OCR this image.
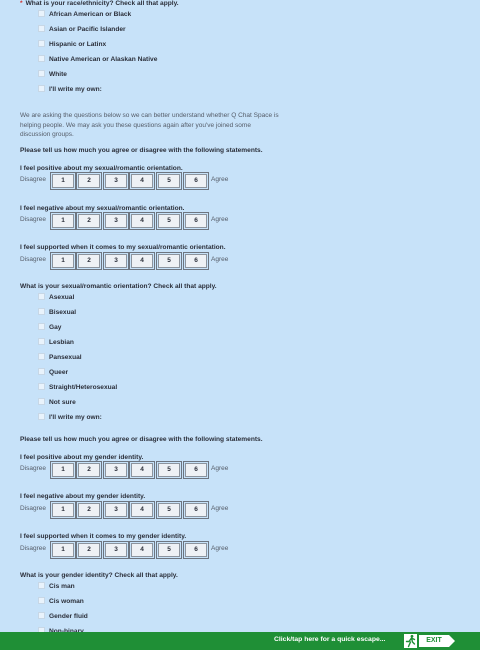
* What is your race/ethnicity? Check all that apply.
African American or Black
Asian or Pacific Islander
Hispanic or Latinx
Native American or Alaskan Native
White
I'll write my own:
We are asking the questions below so we can better understand whether Q Chat Space is helping people. We may ask you these questions again after you've joined some discussion groups.
Please tell us how much you agree or disagree with the following statements.
I feel positive about my sexual/romantic orientation.
Disagree	1	2	3	4	5	6	Agree
I feel negative about my sexual/romantic orientation.
Disagree	1	2	3	4	5	6	Agree
I feel supported when it comes to my sexual/romantic orientation.
Disagree	1	2	3	4	5	6	Agree
What is your sexual/romantic orientation? Check all that apply.
Asexual
Bisexual
Gay
Lesbian
Pansexual
Queer
Straight/Heterosexual
Not sure
I'll write my own:
Please tell us how much you agree or disagree with the following statements.
I feel positive about my gender identity.
Disagree	1	2	3	4	5	6	Agree
I feel negative about my gender identity.
Disagree	1	2	3	4	5	6	Agree
I feel supported when it comes to my gender identity.
Disagree	1	2	3	4	5	6	Agree
What is your gender identity? Check all that apply.
Cis man
Cis woman
Gender fluid
Click/tap here for a quick escape...	EXIT
